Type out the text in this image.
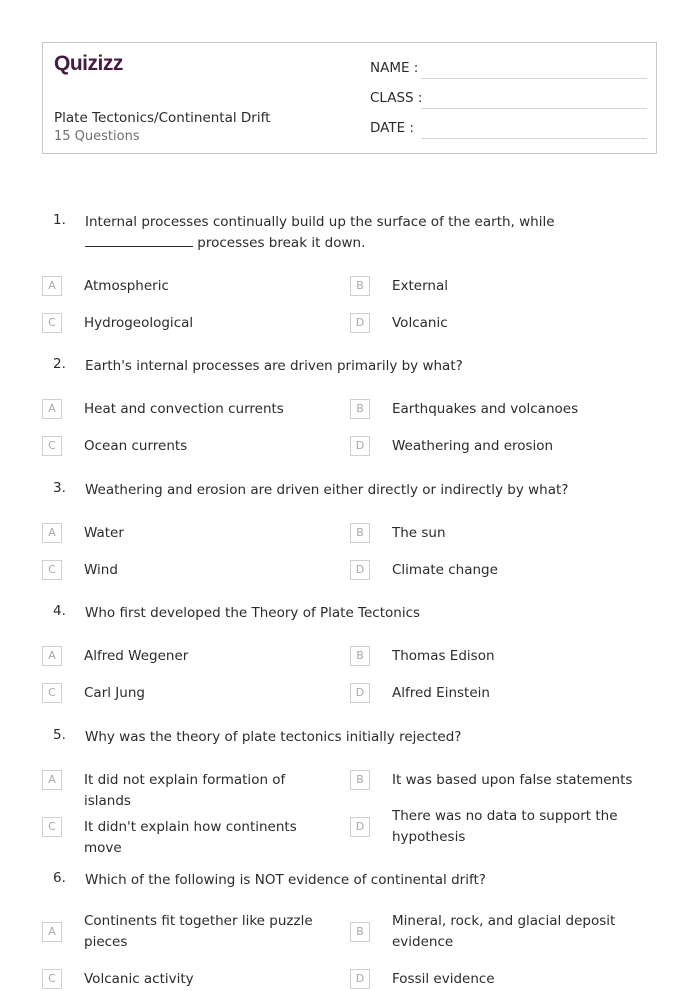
Quizizz
Plate Tectonics/Continental Drift
15 Questions
NAME :
CLASS :
DATE :
1. Internal processes continually build up the surface of the earth, while  processes break it down.
A	Atmospheric	B	External
C	Hydrogeological	D	Volcanic
2. Earth's internal processes are driven primarily by what?
A	Heat and convection currents	B	Earthquakes and volcanoes
C	Ocean currents	D	Weathering and erosion
3. Weathering and erosion are driven either directly or indirectly by what?
A	Water	B	The sun
C	Wind	D	Climate change
4. Who first developed the Theory of Plate Tectonics
A	Alfred Wegener	B	Thomas Edison
C	Carl Jung	D	Alfred Einstein
5. Why was the theory of plate tectonics initially rejected?
A	It did not explain formation of islands
B	It was based upon false statements
C	It didn't explain how continents move
D
There was no data to support the hypothesis
6. Which of the following is NOT evidence of continental drift?
A
Continents fit together like puzzle pieces
B
Mineral, rock, and glacial deposit evidence
C	Volcanic activity	D	Fossil evidence
